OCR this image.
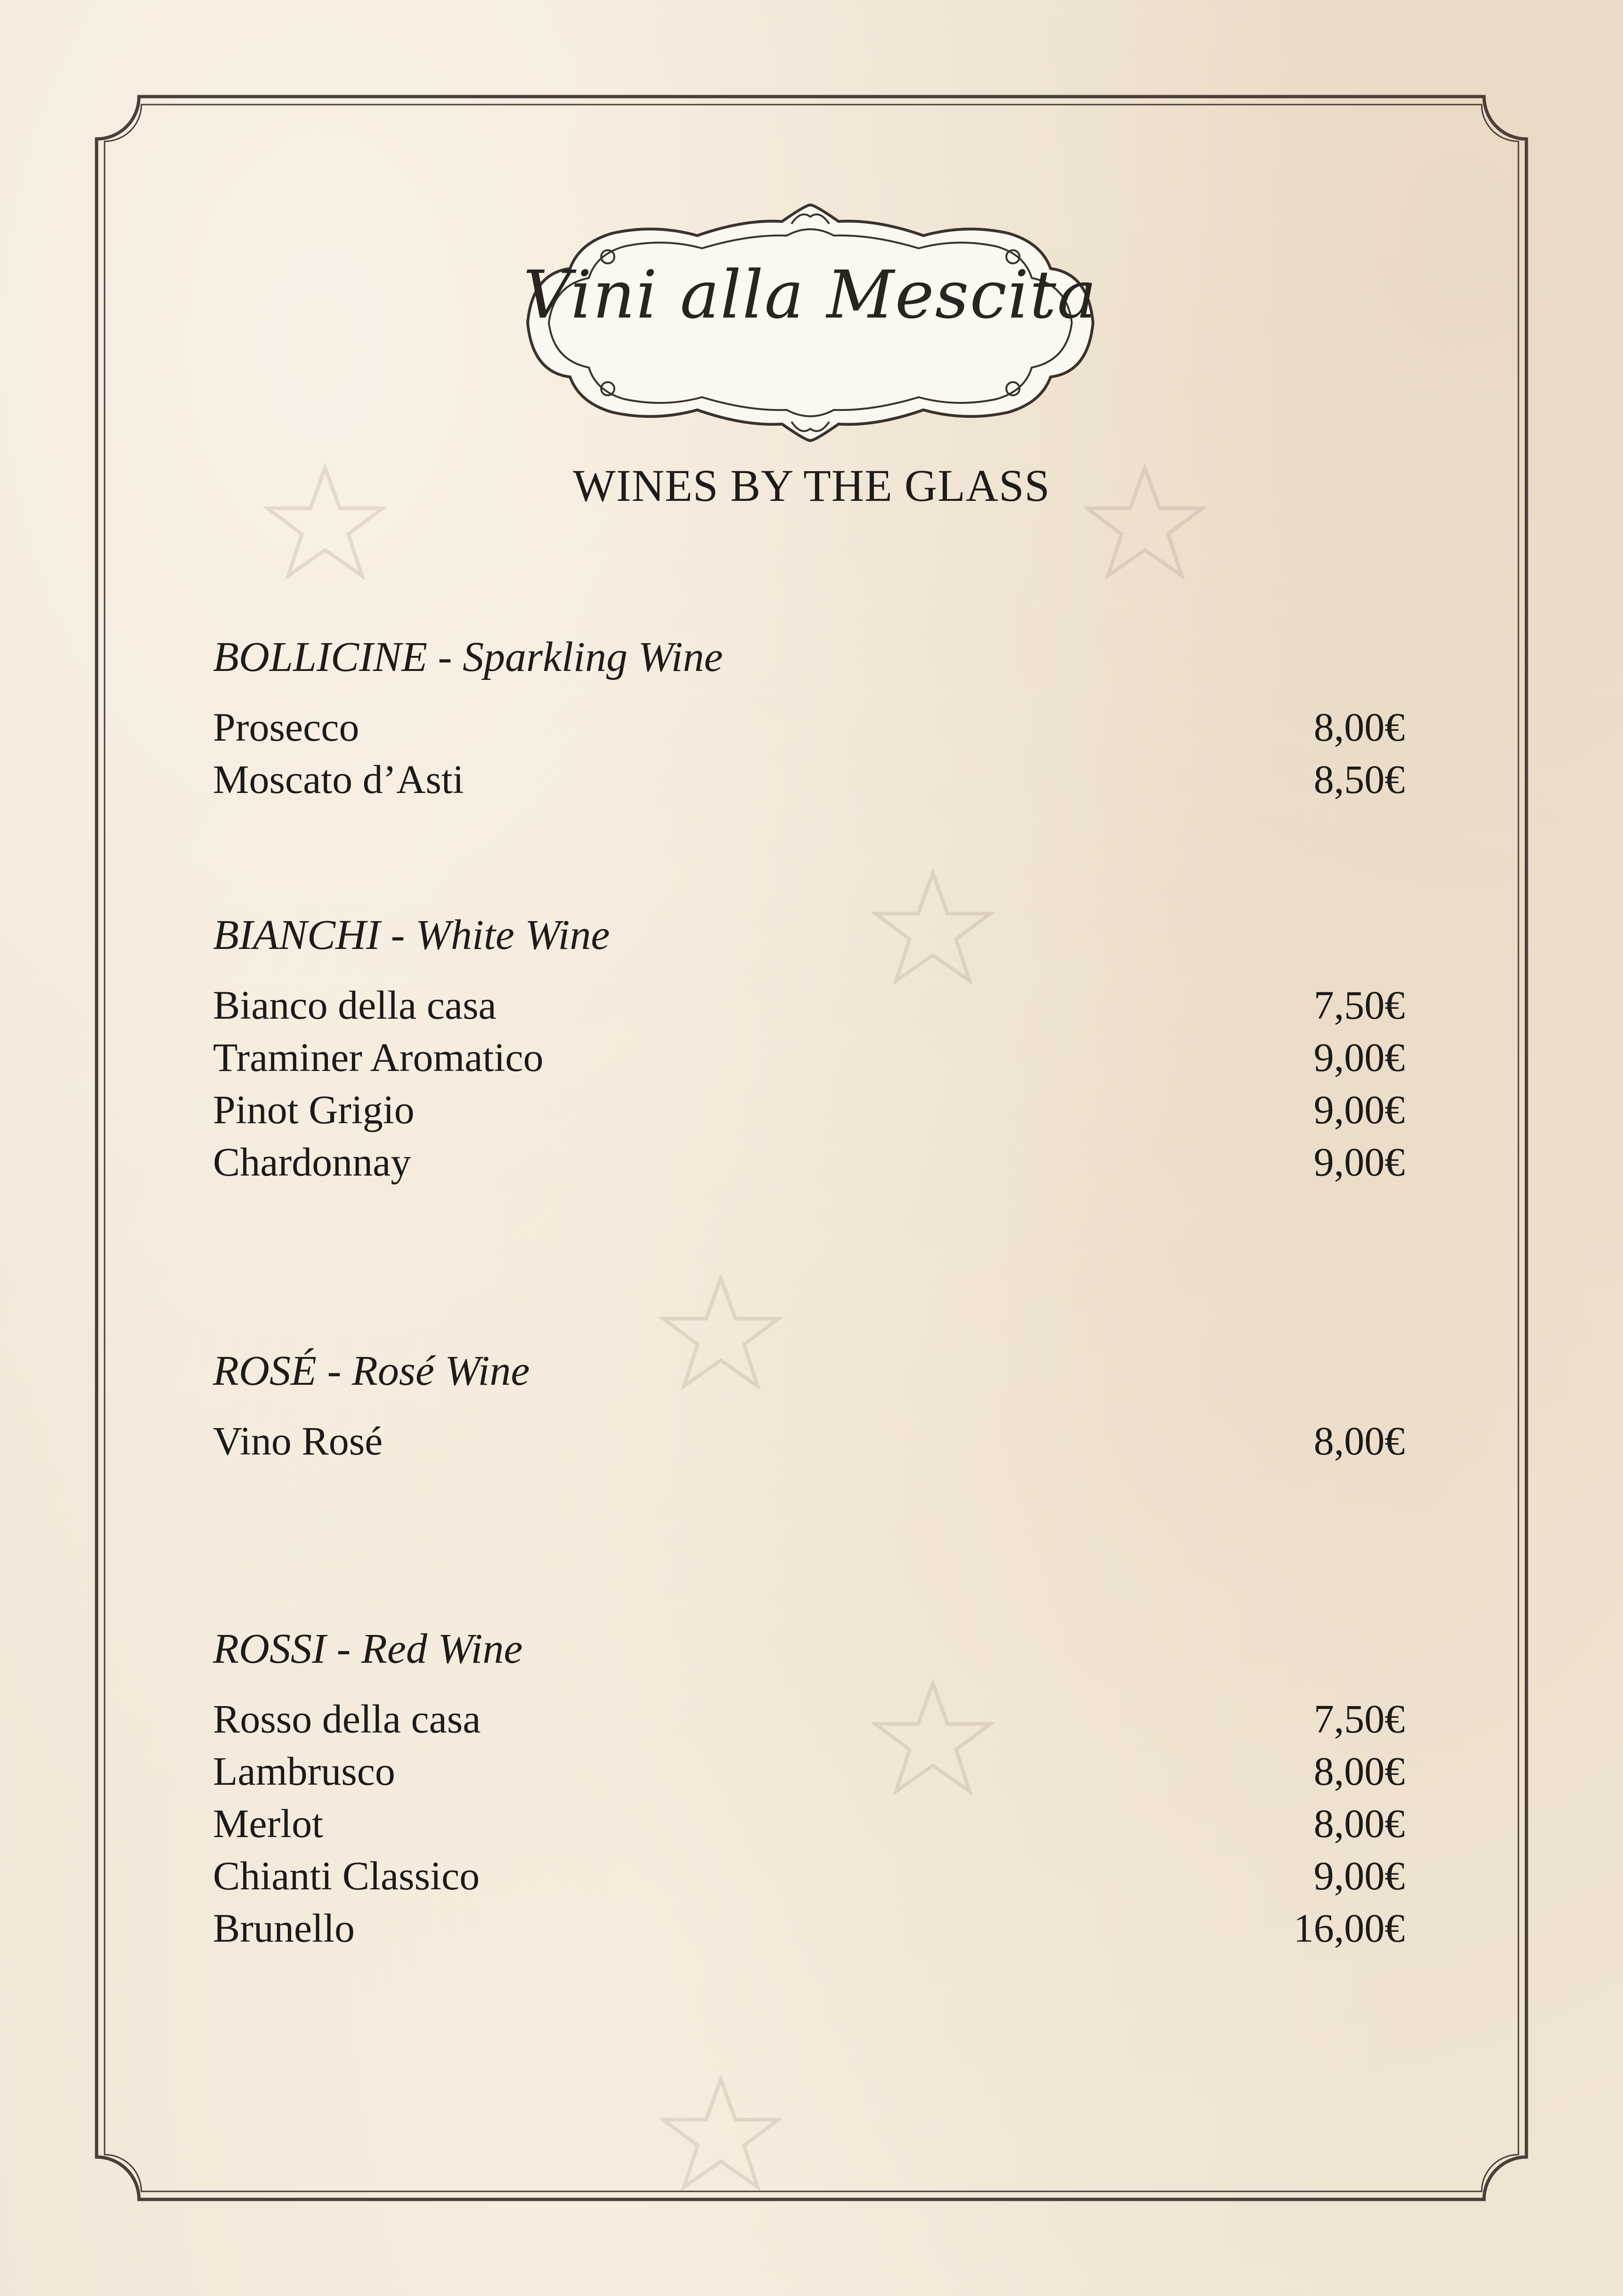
Vini alla Mescita
WINES BY THE GLASS
BOLLICINE - Sparkling Wine
Prosecco	8,00€
Moscato d’Asti	8,50€
BIANCHI - White Wine
Bianco della casa	7,50€
Traminer Aromatico	9,00€
Pinot Grigio	9,00€
Chardonnay	9,00€
ROSÉ - Rosé Wine
Vino Rosé	8,00€
ROSSI - Red Wine
Rosso della casa	7,50€
Lambrusco	8,00€
Merlot	8,00€
Chianti Classico	9,00€
Brunello	16,00€
